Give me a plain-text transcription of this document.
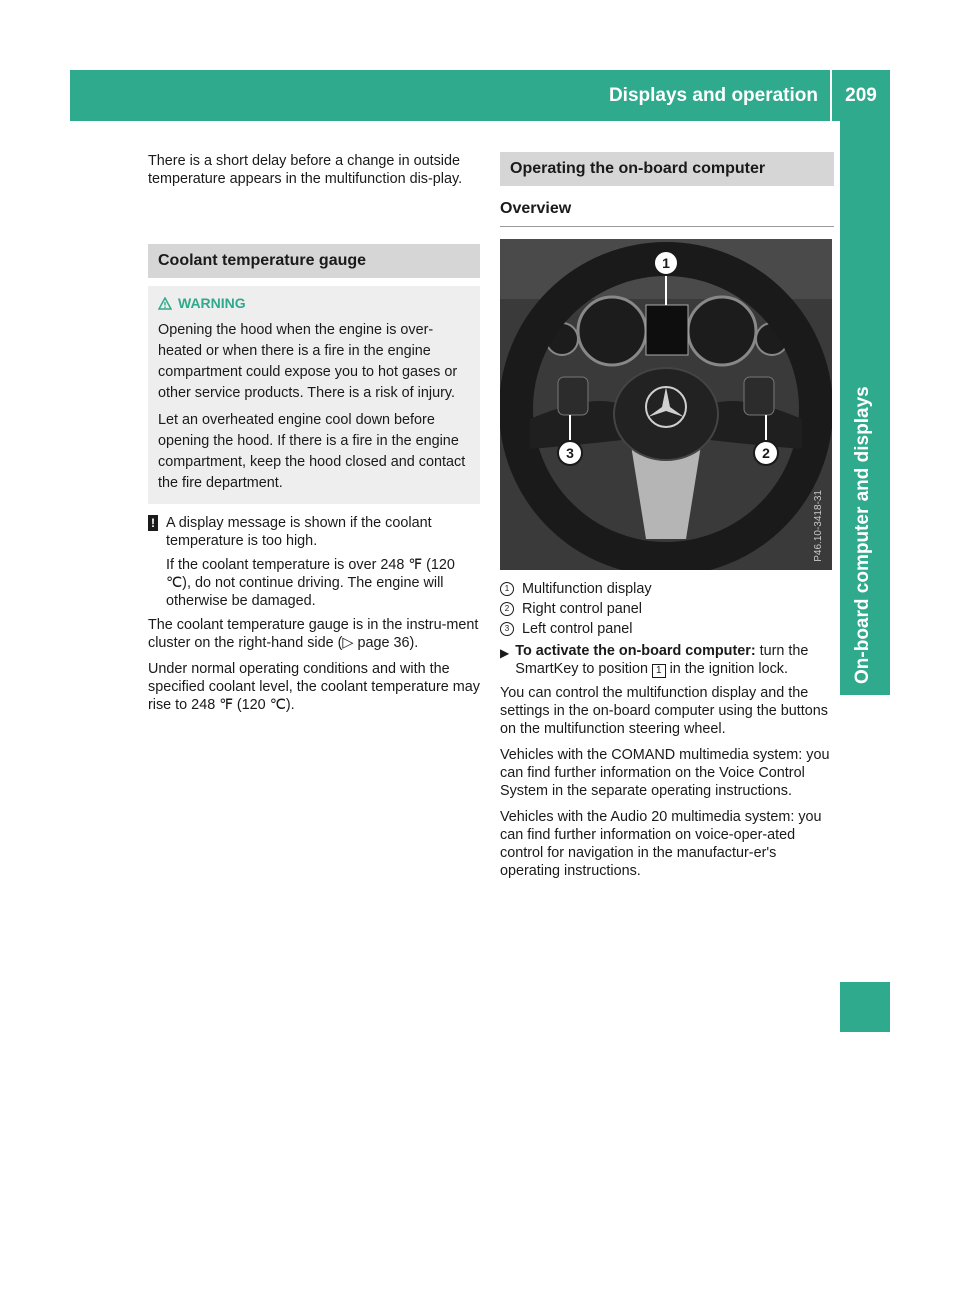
Displays and operation	209
On-board computer and displays

There is a short delay before a change in outside temperature appears in the multifunction dis-play.

Coolant temperature gauge
WARNING

Opening the hood when the engine is over-heated or when there is a fire in the engine compartment could expose you to hot gases or other service products. There is a risk of injury.

Let an overheated engine cool down before opening the hood. If there is a fire in the engine compartment, keep the hood closed and contact the fire department.

! A display message is shown if the coolant temperature is too high.

If the coolant temperature is over 248 ℉ (120 ℃), do not continue driving. The engine will otherwise be damaged.

The coolant temperature gauge is in the instru-ment cluster on the right-hand side (▷ page 36).

Under normal operating conditions and with the specified coolant level, the coolant temperature may rise to 248 ℉ (120 ℃).

Operating the on-board computer
Overview
1
2
3
P46.10-3418-31
1 Multifunction display
2 Right control panel
3 Left control panel
▶ To activate the on-board computer: turn the SmartKey to position 1 in the ignition lock.

You can control the multifunction display and the settings in the on-board computer using the buttons on the multifunction steering wheel.

Vehicles with the COMAND multimedia system: you can find further information on the Voice Control System in the separate operating instructions.

Vehicles with the Audio 20 multimedia system: you can find further information on voice-oper-ated control for navigation in the manufactur-er's operating instructions.
